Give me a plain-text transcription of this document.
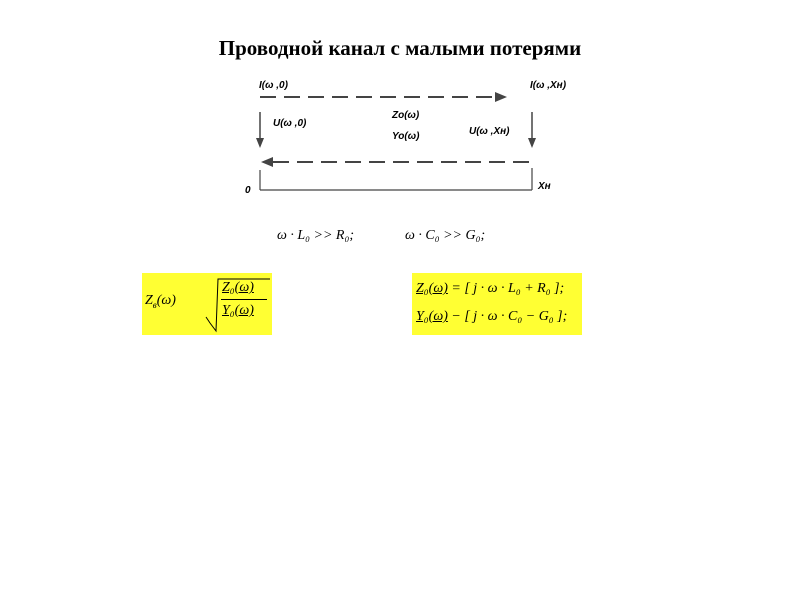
Проводной канал с малыми потерями
I(ω ,0)	I(ω ,Xн)
U(ω ,0)
U(ω ,Xн)
Zo(ω)
Yo(ω)
0	Xн
ω · L₀ >> R₀;	ω · C₀ >> G₀;
$Z_в(\omega)$
Z₀(ω)
Y₀(ω)
Z₀(ω) = [ j · ω · L₀ + R₀ ];
Y₀(ω) − [ j · ω · C₀ − G₀ ];
